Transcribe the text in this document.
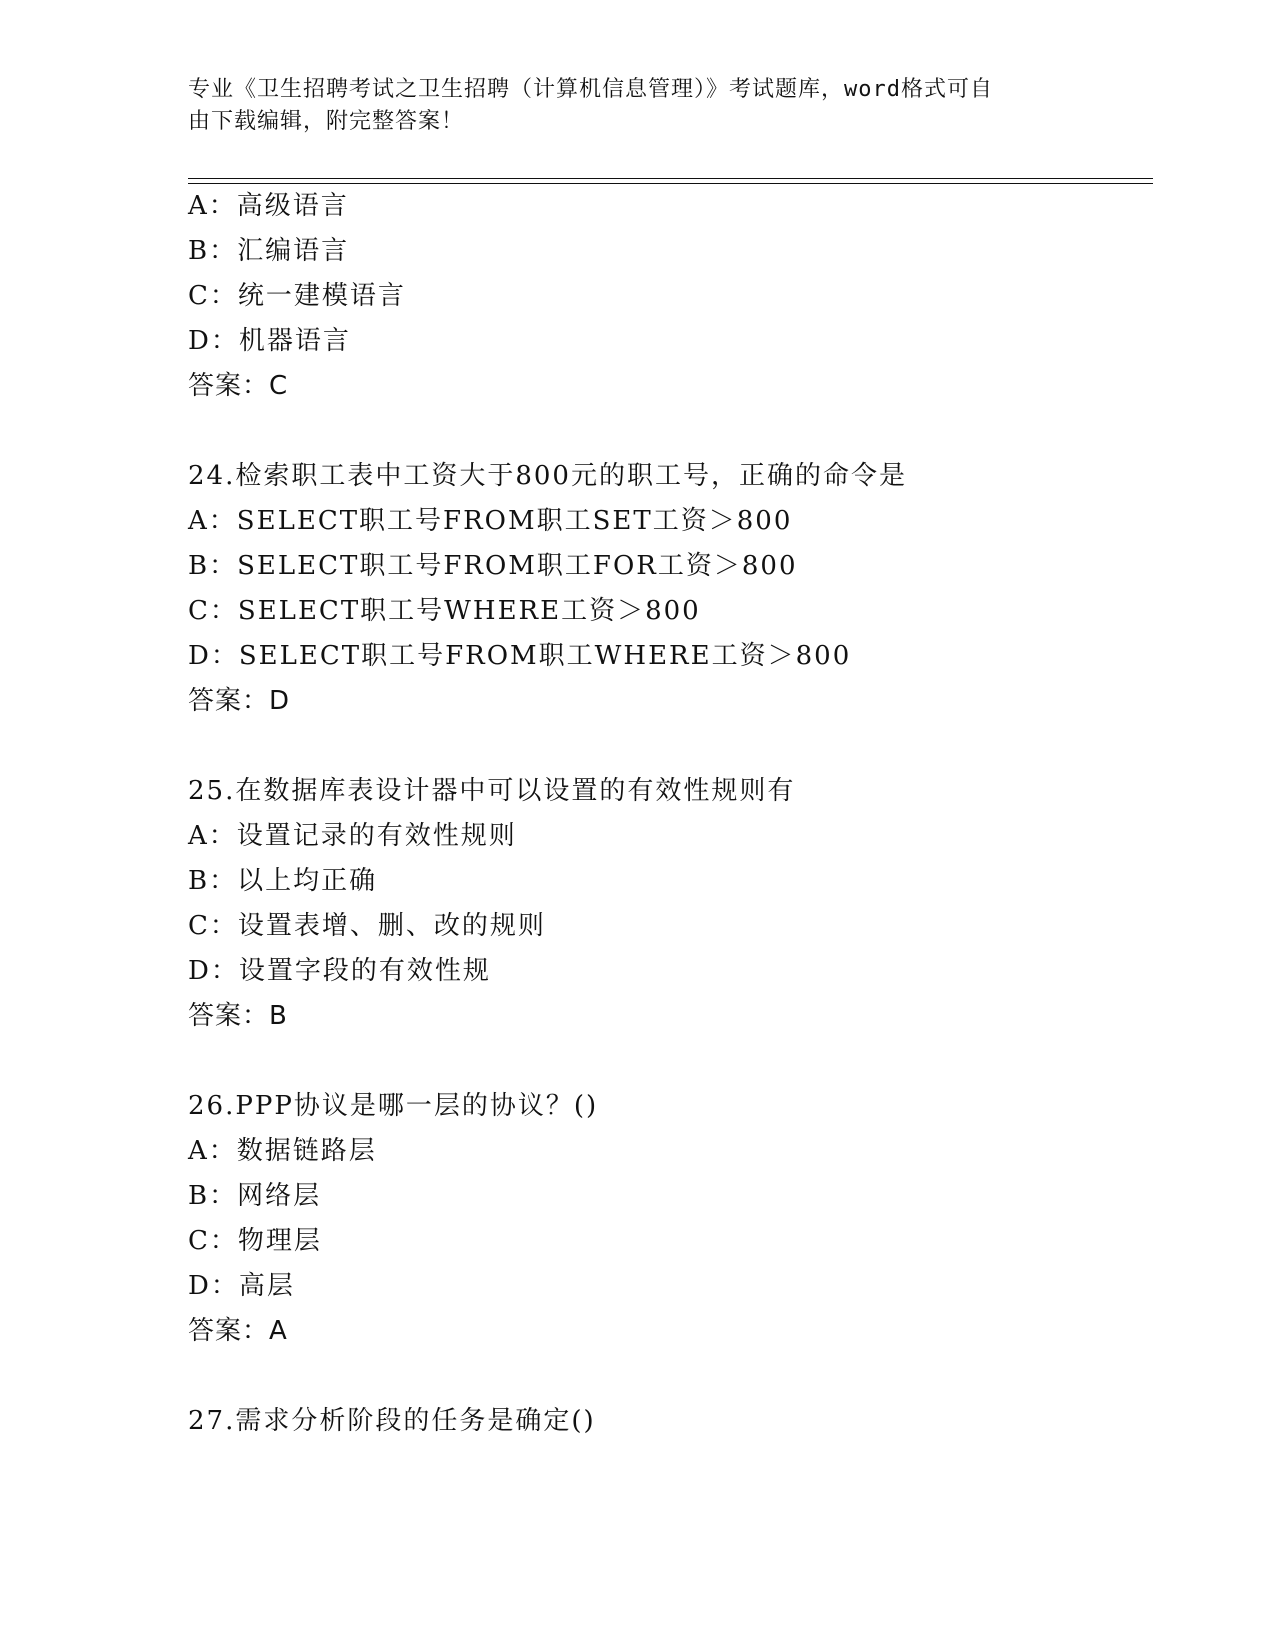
专业《卫生招聘考试之卫生招聘（计算机信息管理）》考试题库，word格式可自
由下载编辑，附完整答案！
A：高级语言
B：汇编语言
C：统一建模语言
D：机器语言
答案：C
24.检索职工表中工资大于800元的职工号，正确的命令是
A：SELECT职工号FROM职工SET工资＞800
B：SELECT职工号FROM职工FOR工资＞800
C：SELECT职工号WHERE工资＞800
D：SELECT职工号FROM职工WHERE工资＞800
答案：D
25.在数据库表设计器中可以设置的有效性规则有
A：设置记录的有效性规则
B：以上均正确
C：设置表增、删、改的规则
D：设置字段的有效性规
答案：B
26.PPP协议是哪一层的协议？()
A：数据链路层
B：网络层
C：物理层
D：高层
答案：A
27.需求分析阶段的任务是确定()
